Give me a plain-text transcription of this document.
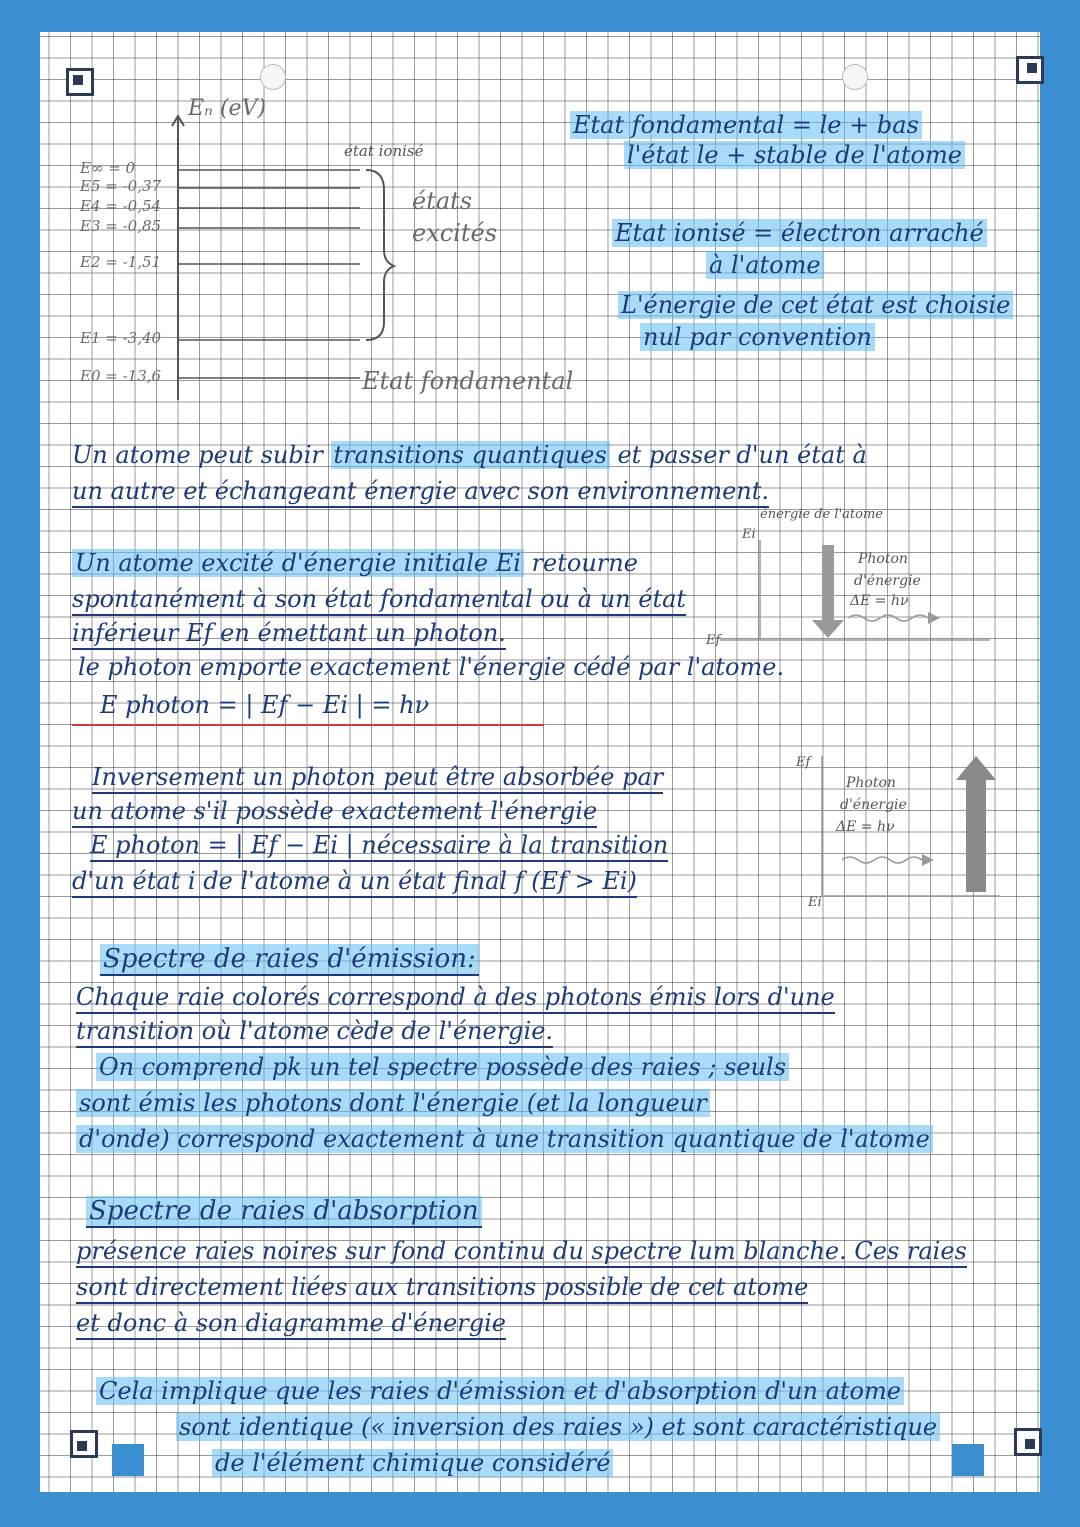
Eₙ (eV)
E∞ = 0
E5 = -0,37
E4 = -0,54
E3 = -0,85
E2 = -1,51
E1 = -3,40
E0 = -13,6
état ionisé
états
excités
Etat fondamental
Etat fondamental = le + bas
l'état le + stable de l'atome
Etat ionisé = électron arraché
à l'atome
L'énergie de cet état est choisie
nul par convention
Un atome peut subir transitions quantiques et passer d'un état à
un autre et échangeant énergie avec son environnement.
énergie de l'atome
Ei
Ef
Photon
d'énergie
ΔE = hν
Un atome excité d'énergie initiale Ei retourne
spontanément à son état fondamental ou à un état
inférieur Ef en émettant un photon.
le photon emporte exactement l'énergie cédé par l'atome.
E photon = | Ef − Ei | = hν
Ef
Ei
Photon
d'énergie
ΔE = hν
Inversement un photon peut être absorbée par
un atome s'il possède exactement l'énergie
E photon = | Ef − Ei | nécessaire à la transition
d'un état i de l'atome à un état final f (Ef > Ei)
Spectre de raies d'émission:
Chaque raie colorés correspond à des photons émis lors d'une
transition où l'atome cède de l'énergie.
On comprend pk un tel spectre possède des raies ; seuls
sont émis les photons dont l'énergie (et la longueur
d'onde) correspond exactement à une transition quantique de l'atome
Spectre de raies d'absorption
présence raies noires sur fond continu du spectre lum blanche. Ces raies
sont directement liées aux transitions possible de cet atome
et donc à son diagramme d'énergie
Cela implique que les raies d'émission et d'absorption d'un atome
sont identique (« inversion des raies ») et sont caractéristique
de l'élément chimique considéré
